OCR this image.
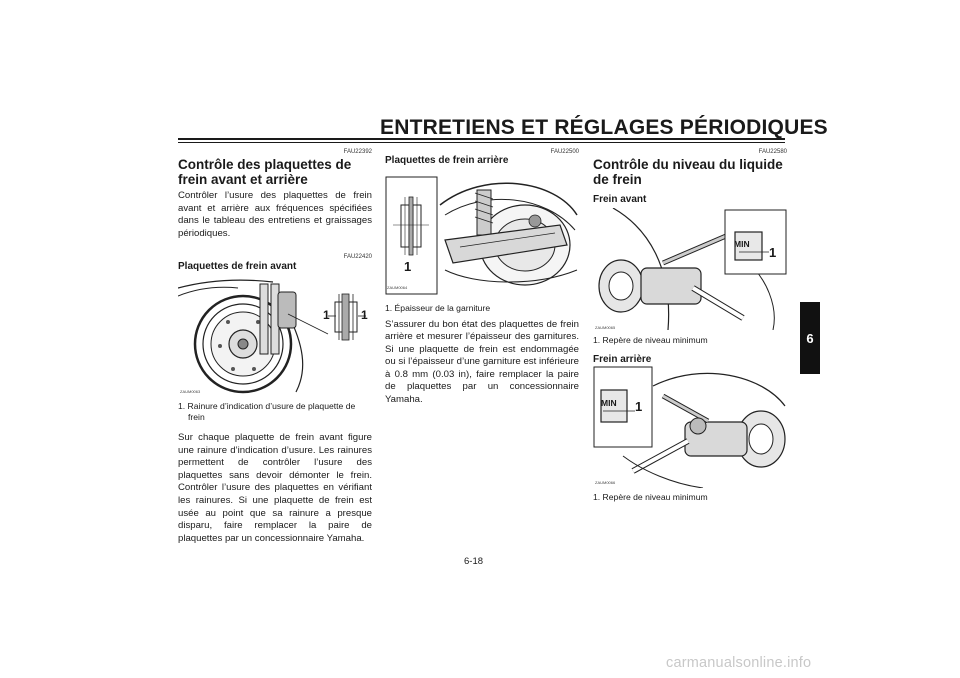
ENTRETIENS ET RÉGLAGES PÉRIODIQUES
6
FAU22392
Contrôle des plaquettes de frein avant et arrière

Contrôler l’usure des plaquettes de frein avant et arrière aux fréquences spécifiées dans le tableau des entretiens et graissages périodiques.

FAU22420
Plaquettes de frein avant
ZAUM0063
1	1

1. Rainure d’indication d’usure de plaquette de frein

Sur chaque plaquette de frein avant figure une rainure d’indication d’usure. Les rainures permettent de contrôler l’usure des plaquettes sans devoir démonter le frein. Contrôler l’usure des plaquettes en vérifiant les rainures. Si une plaquette de frein est usée au point que sa rainure a presque disparu, faire remplacer la paire de plaquettes par un concessionnaire Yamaha.

FAU22500
Plaquettes de frein arrière
ZAUM0064
1

1. Épaisseur de la garniture

S’assurer du bon état des plaquettes de frein arrière et mesurer l’épaisseur des garnitures. Si une plaquette de frein est endommagée ou si l’épaisseur d’une garniture est inférieure à 0.8 mm (0.03 in), faire remplacer la paire de plaquettes par un concessionnaire Yamaha.

FAU22580
Contrôle du niveau du liquide de frein
Frein avant
MIN
1
ZAUM0065

1. Repère de niveau minimum

Frein arrière
MIN 1
ZAUM0066

1. Repère de niveau minimum

6-18
carmanualsonline.info
